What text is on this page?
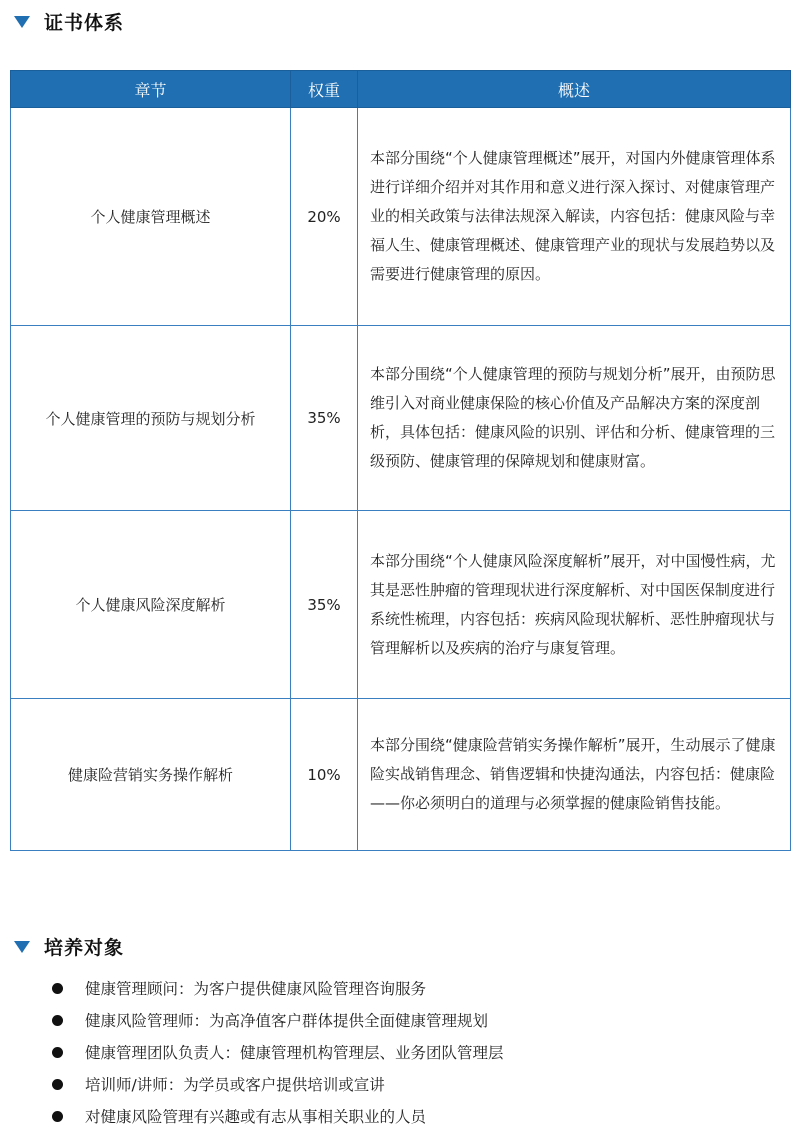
证书体系
章节	权重	概述
个人健康管理概述	20%	本部分围绕“个人健康管理概述”展开，对国内外健康管理体系进行详细介绍并对其作用和意义进行深入探讨、对健康管理产业的相关政策与法律法规深入解读，内容包括：健康风险与幸福人生、健康管理概述、健康管理产业的现状与发展趋势以及需要进行健康管理的原因。
个人健康管理的预防与规划分析	35%	本部分围绕“个人健康管理的预防与规划分析”展开，由预防思维引入对商业健康保险的核心价值及产品解决方案的深度剖析，具体包括：健康风险的识别、评估和分析、健康管理的三级预防、健康管理的保障规划和健康财富。
个人健康风险深度解析	35%	本部分围绕“个人健康风险深度解析”展开，对中国慢性病，尤其是恶性肿瘤的管理现状进行深度解析、对中国医保制度进行系统性梳理，内容包括：疾病风险现状解析、恶性肿瘤现状与管理解析以及疾病的治疗与康复管理。
健康险营销实务操作解析	10%	本部分围绕“健康险营销实务操作解析”展开，生动展示了健康险实战销售理念、销售逻辑和快捷沟通法，内容包括：健康险——你必须明白的道理与必须掌握的健康险销售技能。
培养对象
健康管理顾问：为客户提供健康风险管理咨询服务
健康风险管理师：为高净值客户群体提供全面健康管理规划
健康管理团队负责人：健康管理机构管理层、业务团队管理层
培训师/讲师：为学员或客户提供培训或宣讲
对健康风险管理有兴趣或有志从事相关职业的人员
